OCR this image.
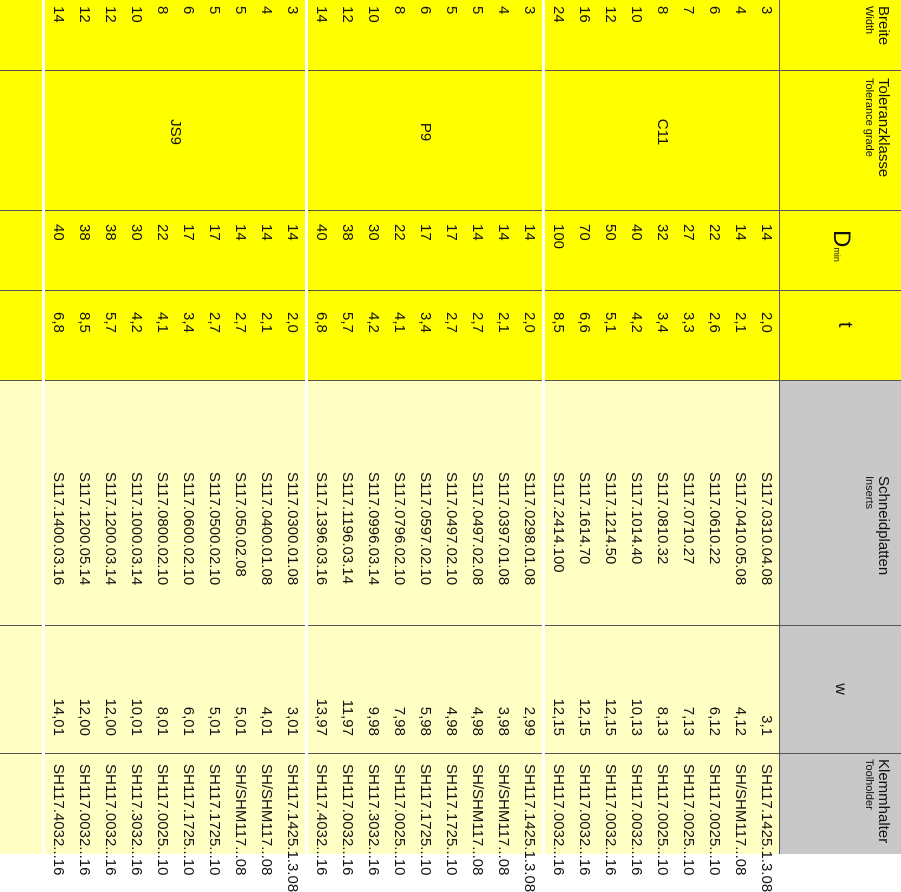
Breite
Width
Toleranzklasse
Tolerance grade
Dmin
t
Schneidplatten
Inserts
w
Klemmhalter
Toolholder
3
14
2,0
S117.0310.04.08
3,1
SH117.1425.1.3.08
4
14
2,1
S117.0410.05.08
4,12
SH/SHM117...08
6
22
2,6
S117.0610.22
6,12
SH117.0025...10
7
27
3,3
S117.0710.27
7,13
SH117.0025...10
8
32
3,4
S117.0810.32
8,13
SH117.0025...10
10
40
4,2
S117.1014.40
10,13
SH117.0032...16
12
50
5,1
S117.1214.50
12,15
SH117.0032...16
16
70
6,6
S117.1614.70
12,15
SH117.0032...16
24
100
8,5
S117.2414.100
12,15
SH117.0032...16
C11
3
14
2,0
S117.0298.01.08
2,99
SH117.1425.1.3.08
4
14
2,1
S117.0397.01.08
3,98
SH/SHM117...08
5
14
2,7
S117.0497.02.08
4,98
SH/SHM117...08
5
17
2,7
S117.0497.02.10
4,98
SH117.1725...10
6
17
3,4
S117.0597.02.10
5,98
SH117.1725...10
8
22
4,1
S117.0796.02.10
7,98
SH117.0025...10
10
30
4,2
S117.0996.03.14
9,98
SH117.3032...16
12
38
5,7
S117.1196.03.14
11,97
SH117.0032...16
14
40
6,8
S117.1396.03.16
13,97
SH117.4032...16
P9
3
14
2,0
S117.0300.01.08
3,01
SH117.1425.1.3.08
4
14
2,1
S117.0400.01.08
4,01
SH/SHM117...08
5
14
2,7
S117.050.02.08
5,01
SH/SHM117...08
5
17
2,7
S117.0500.02.10
5,01
SH117.1725...10
6
17
3,4
S117.0600.02.10
6,01
SH117.1725...10
8
22
4,1
S117.0800.02.10
8,01
SH117.0025...10
10
30
4,2
S117.1000.03.14
10,01
SH117.3032...16
12
38
5,7
S117.1200.03.14
12,00
SH117.0032...16
12
38
8,5
S117.1200.05.14
12,00
SH117.0032...16
14
40
6,8
S117.1400.03.16
14,01
SH117.4032...16
JS9
